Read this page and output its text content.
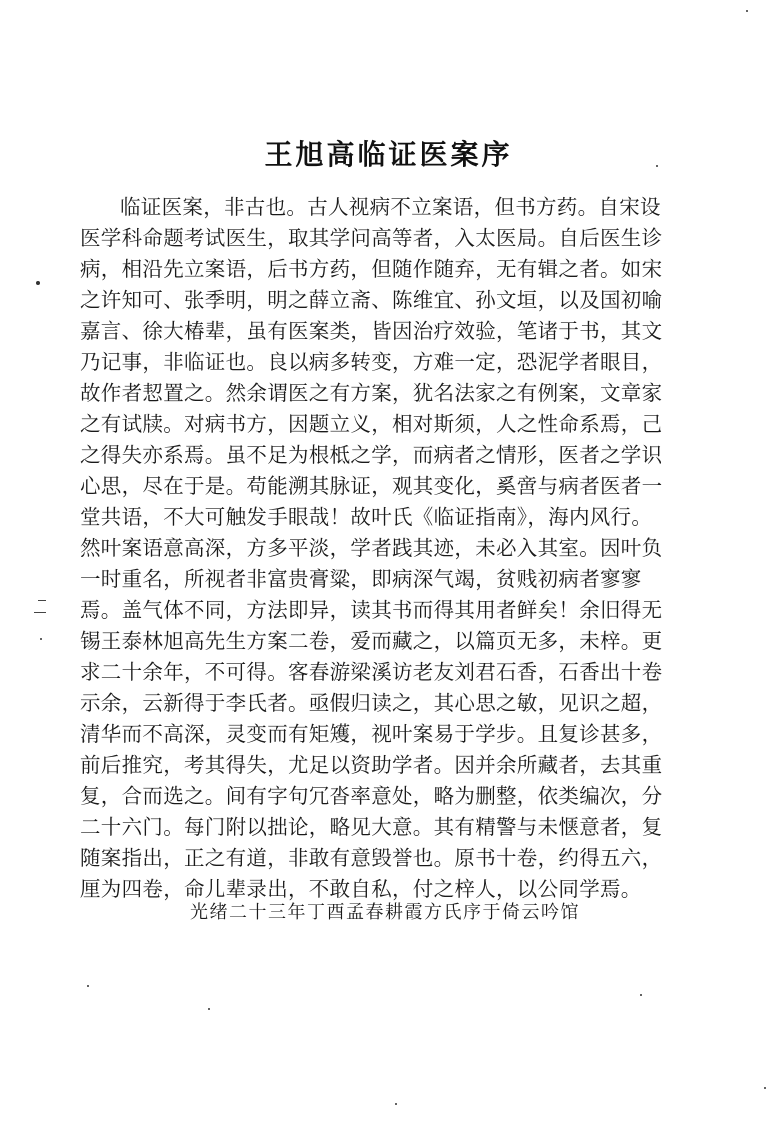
王旭高临证医案序
临证医案，非古也。古人视病不立案语，但书方药。自宋设
医学科命题考试医生，取其学问高等者，入太医局。自后医生诊
病，相沿先立案语，后书方药，但随作随弃，无有辑之者。如宋
之许知可、张季明，明之薛立斋、陈维宜、孙文垣，以及国初喻
嘉言、徐大椿辈，虽有医案类，皆因治疗效验，笔诸于书，其文
乃记事，非临证也。良以病多转变，方难一定，恐泥学者眼目，
故作者恝置之。然余谓医之有方案，犹名法家之有例案，文章家
之有试牍。对病书方，因题立义，相对斯须，人之性命系焉，己
之得失亦系焉。虽不足为根柢之学，而病者之情形，医者之学识
心思，尽在于是。苟能溯其脉证，观其变化，奚啻与病者医者一
堂共语，不大可触发手眼哉！故叶氏《临证指南》，海内风行。
然叶案语意高深，方多平淡，学者践其迹，未必入其室。因叶负
一时重名，所视者非富贵膏粱，即病深气竭，贫贱初病者寥寥
焉。盖气体不同，方法即异，读其书而得其用者鲜矣！余旧得无
锡王泰林旭高先生方案二卷，爱而藏之，以篇页无多，未梓。更
求二十余年，不可得。客春游梁溪访老友刘君石香，石香出十卷
示余，云新得于李氏者。亟假归读之，其心思之敏，见识之超，
清华而不高深，灵变而有矩矱，视叶案易于学步。且复诊甚多，
前后推究，考其得失，尤足以资助学者。因并余所藏者，去其重
复，合而选之。间有字句冗沓率意处，略为删整，依类编次，分
二十六门。每门附以拙论，略见大意。其有精警与未惬意者，复
随案指出，正之有道，非敢有意毁誉也。原书十卷，约得五六，
厘为四卷，命儿辈录出，不敢自私，付之梓人，以公同学焉。
光绪二十三年丁酉孟春耕霞方氏序于倚云吟馆
